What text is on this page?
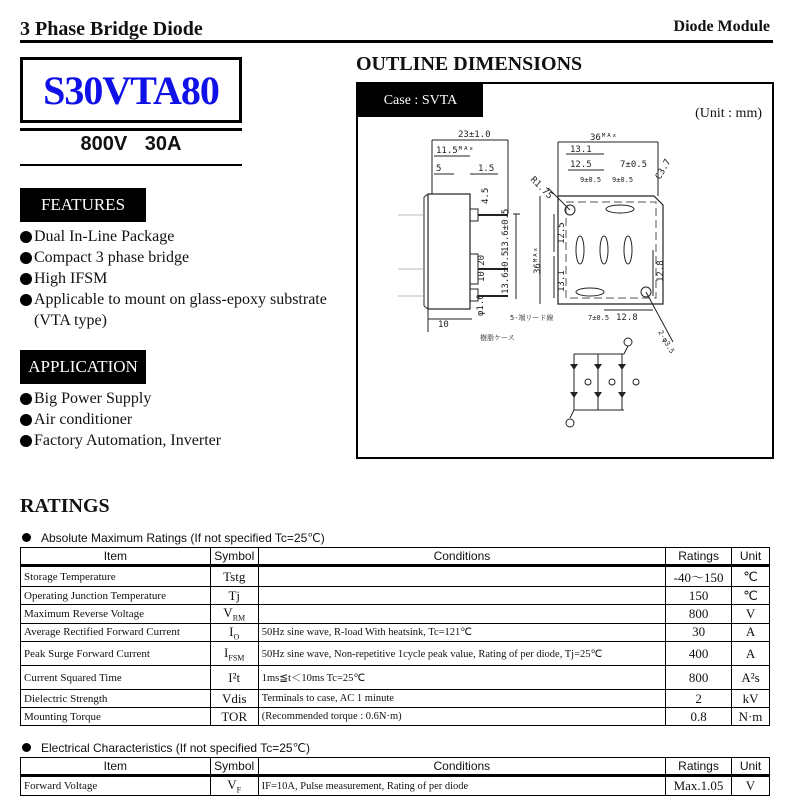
3 Phase Bridge Diode	Diode Module
S30VTA80
800V 30A
FEATURES
Dual In-Line Package
Compact 3 phase bridge
High IFSM
Applicable to mount on glass-epoxy substrate
(VTA type)
APPLICATION
Big Power Supply
Air conditioner
Factory Automation, Inverter
OUTLINE DIMENSIONS
23±1.0
11.5ᴹᴬˣ
5	1.5
4.5
13.6±0.5
13.6±0.5
10.20
φ1.6
5-端リード線
10
樹脂ケース
36ᴹᴬˣ
13.1
12.5	7±0.5
9±0.5 9±0.5
R1.75
C3.7
36ᴹᴬˣ
12.5
13.1	12.8
7±0.5 12.8
2-φ3.5
Case : SVTA
(Unit : mm)
RATINGS
Absolute Maximum Ratings (If not specified Tc=25℃)
Item	Symbol	Conditions	Ratings	Unit
Storage Temperature	Tstg		-40～150	℃
Operating Junction Temperature	Tj		150	℃
Maximum Reverse Voltage	$V_{RM}$		800	V
Average Rectified Forward Current	$I_O$	50Hz sine wave, R-load With heatsink, Tc=121℃	30	A
Peak Surge Forward Current	$I_{FSM}$	50Hz sine wave, Non-repetitive 1cycle peak value, Rating of per diode, Tj=25℃	400	A
Current Squared Time	I²t	1ms≦t＜10ms Tc=25℃	800	A²s
Dielectric Strength	Vdis	Terminals to case, AC 1 minute	2	kV
Mounting Torque	TOR	(Recommended torque : 0.6N·m)	0.8	N·m
Electrical Characteristics (If not specified Tc=25℃)
Item	Symbol	Conditions	Ratings	Unit
Forward Voltage	$V_F$	IF=10A, Pulse measurement, Rating of per diode	Max.1.05	V
